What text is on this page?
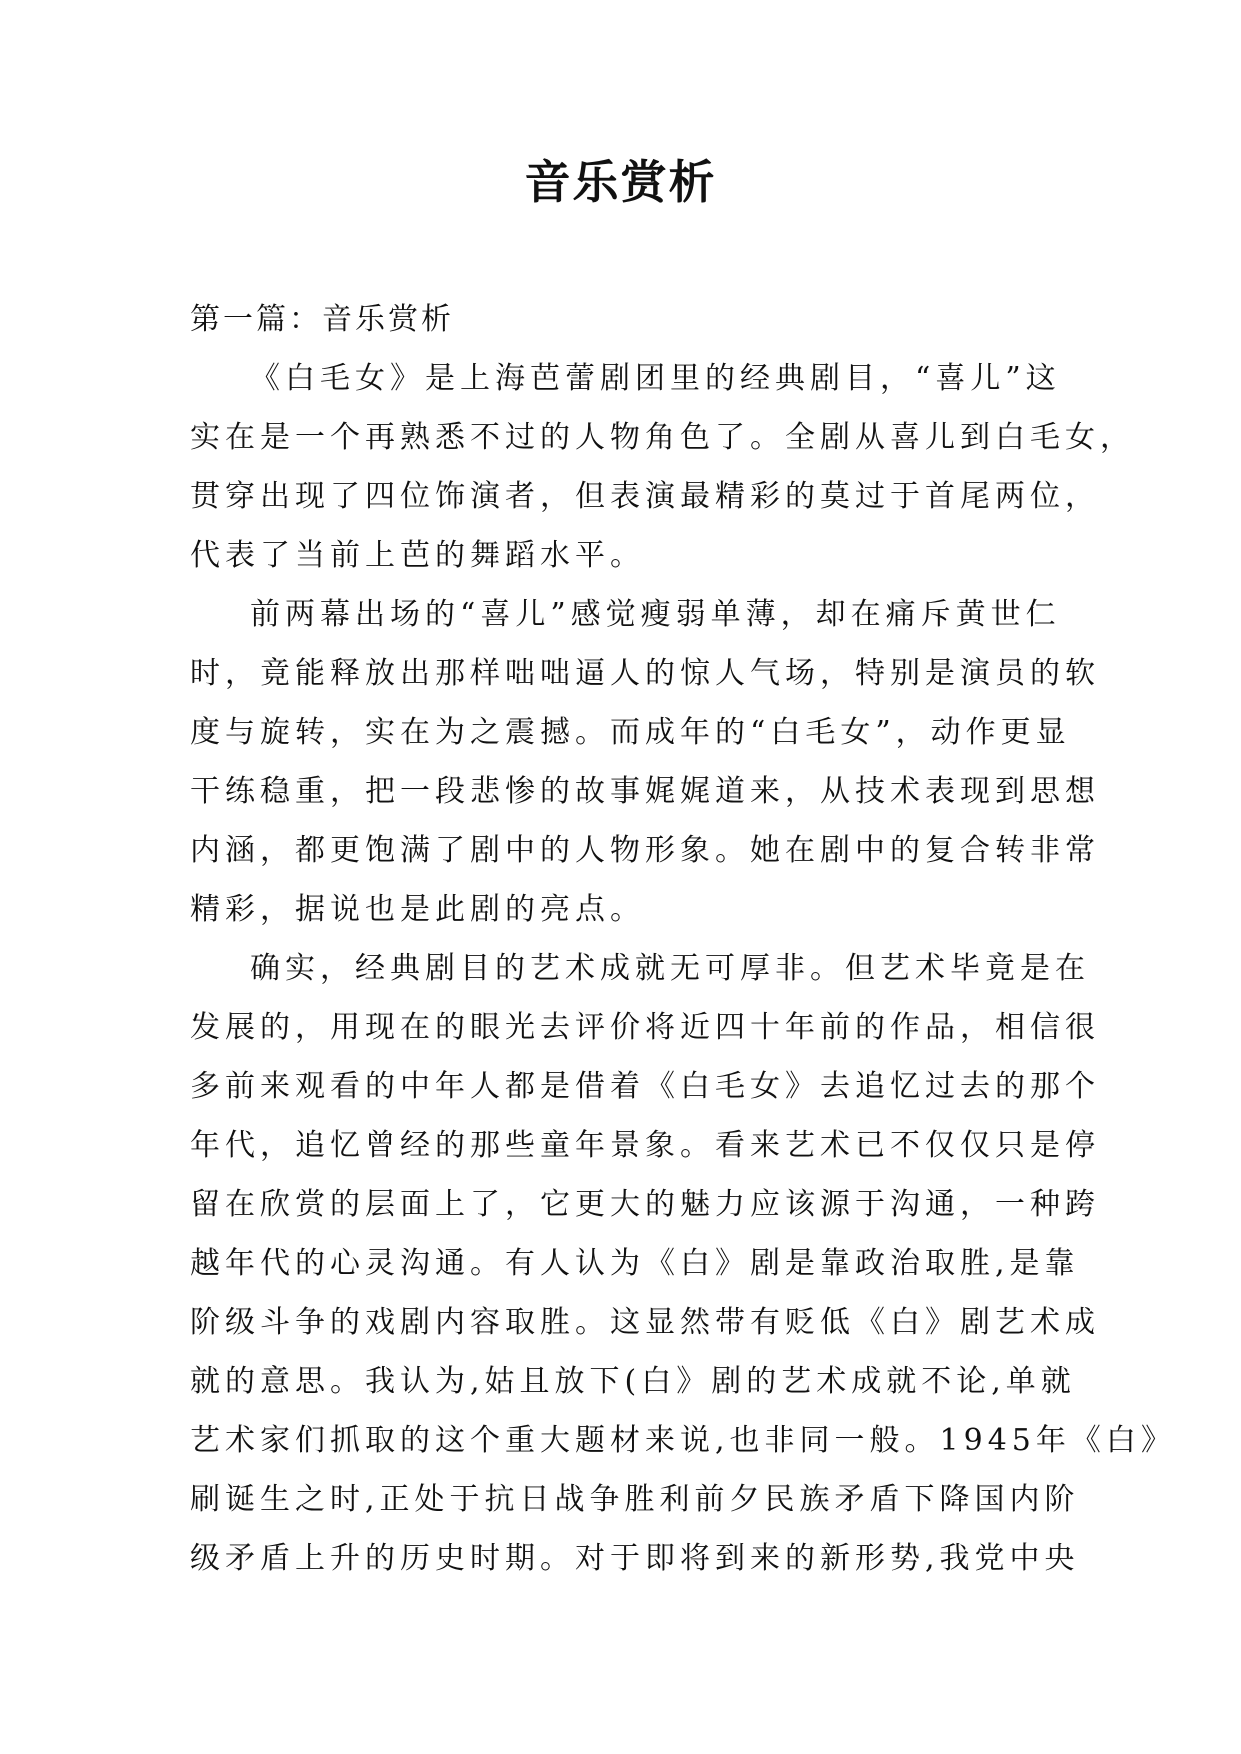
音乐赏析
第一篇：音乐赏析
《白毛女》是上海芭蕾剧团里的经典剧目，“喜儿”这
实在是一个再熟悉不过的人物角色了。全剧从喜儿到白毛女，
贯穿出现了四位饰演者，但表演最精彩的莫过于首尾两位，
代表了当前上芭的舞蹈水平。
前两幕出场的“喜儿”感觉瘦弱单薄，却在痛斥黄世仁
时，竟能释放出那样咄咄逼人的惊人气场，特别是演员的软
度与旋转，实在为之震撼。而成年的“白毛女”，动作更显
干练稳重，把一段悲惨的故事娓娓道来，从技术表现到思想
内涵，都更饱满了剧中的人物形象。她在剧中的复合转非常
精彩，据说也是此剧的亮点。
确实，经典剧目的艺术成就无可厚非。但艺术毕竟是在
发展的，用现在的眼光去评价将近四十年前的作品，相信很
多前来观看的中年人都是借着《白毛女》去追忆过去的那个
年代，追忆曾经的那些童年景象。看来艺术已不仅仅只是停
留在欣赏的层面上了，它更大的魅力应该源于沟通，一种跨
越年代的心灵沟通。有人认为《白》剧是靠政治取胜,是靠
阶级斗争的戏剧内容取胜。这显然带有贬低《白》剧艺术成
就的意思。我认为,姑且放下(白》剧的艺术成就不论,单就
艺术家们抓取的这个重大题材来说,也非同一般。1945年《白》
刷诞生之时,正处于抗日战争胜利前夕民族矛盾下降国内阶
级矛盾上升的历史时期。对于即将到来的新形势,我党中央
